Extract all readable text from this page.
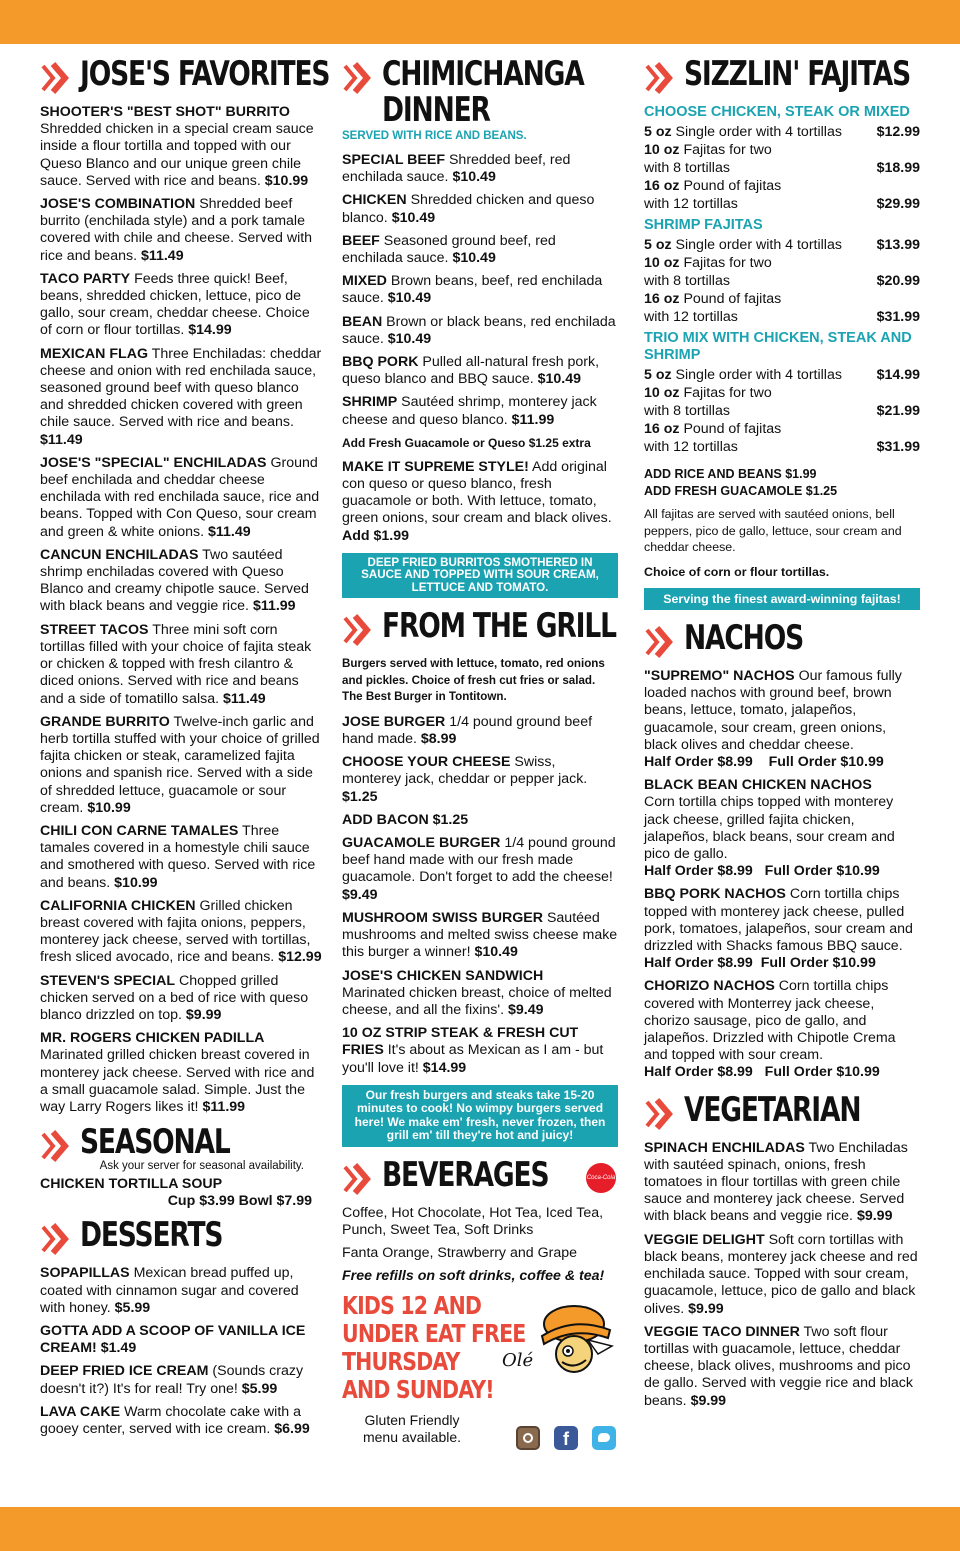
JOSE'S FAVORITES
SHOOTER'S "BEST SHOT" BURRITO
Shredded chicken in a special cream sauce inside a flour tortilla and topped with our Queso Blanco and our unique green chile sauce. Served with rice and beans. $10.99
JOSE'S COMBINATION Shredded beef burrito (enchilada style) and a pork tamale covered with chile and cheese. Served with rice and beans. $11.49
TACO PARTY Feeds three quick! Beef, beans, shredded chicken, lettuce, pico de gallo, sour cream, cheddar cheese. Choice of corn or flour tortillas. $14.99
MEXICAN FLAG Three Enchiladas: cheddar cheese and onion with red enchilada sauce, seasoned ground beef with queso blanco and shredded chicken covered with green chile sauce. Served with rice and beans. $11.49
JOSE'S "SPECIAL" ENCHILADAS Ground beef enchilada and cheddar cheese enchilada with red enchilada sauce, rice and beans. Topped with Con Queso, sour cream and green & white onions. $11.49
CANCUN ENCHILADAS Two sautéed shrimp enchiladas covered with Queso Blanco and creamy chipotle sauce. Served with black beans and veggie rice. $11.99
STREET TACOS Three mini soft corn tortillas filled with your choice of fajita steak or chicken & topped with fresh cilantro & diced onions. Served with rice and beans and a side of tomatillo salsa. $11.49
GRANDE BURRITO Twelve-inch garlic and herb tortilla stuffed with your choice of grilled fajita chicken or steak, caramelized fajita onions and spanish rice. Served with a side of shredded lettuce, guacamole or sour cream. $10.99
CHILI CON CARNE TAMALES Three tamales covered in a homestyle chili sauce and smothered with queso. Served with rice and beans. $10.99
CALIFORNIA CHICKEN Grilled chicken breast covered with fajita onions, peppers, monterey jack cheese, served with tortillas, fresh sliced avocado, rice and beans. $12.99
STEVEN'S SPECIAL Chopped grilled chicken served on a bed of rice with queso blanco drizzled on top. $9.99
MR. ROGERS CHICKEN PADILLA
Marinated grilled chicken breast covered in monterey jack cheese. Served with rice and a small guacamole salad. Simple. Just the way Larry Rogers likes it! $11.99
SEASONAL
Ask your server for seasonal availability.
CHICKEN TORTILLA SOUP
Cup $3.99 Bowl $7.99
DESSERTS
SOPAPILLAS Mexican bread puffed up, coated with cinnamon sugar and covered with honey. $5.99
GOTTA ADD A SCOOP OF VANILLA ICE CREAM! $1.49
DEEP FRIED ICE CREAM (Sounds crazy doesn't it?) It's for real! Try one! $5.99
LAVA CAKE Warm chocolate cake with a gooey center, served with ice cream. $6.99
CHIMICHANGA DINNER
SERVED WITH RICE AND BEANS.
SPECIAL BEEF Shredded beef, red enchilada sauce. $10.49
CHICKEN Shredded chicken and queso blanco. $10.49
BEEF Seasoned ground beef, red enchilada sauce. $10.49
MIXED Brown beans, beef, red enchilada sauce. $10.49
BEAN Brown or black beans, red enchilada sauce. $10.49
BBQ PORK Pulled all-natural fresh pork, queso blanco and BBQ sauce. $10.49
SHRIMP Sautéed shrimp, monterey jack cheese and queso blanco. $11.99
Add Fresh Guacamole or Queso $1.25 extra
MAKE IT SUPREME STYLE! Add original con queso or queso blanco, fresh guacamole or both. With lettuce, tomato, green onions, sour cream and black olives. Add $1.99
DEEP FRIED BURRITOS SMOTHERED IN SAUCE AND TOPPED WITH SOUR CREAM, LETTUCE AND TOMATO.
FROM THE GRILL
Burgers served with lettuce, tomato, red onions and pickles. Choice of fresh cut fries or salad. The Best Burger in Tontitown.
JOSE BURGER 1/4 pound ground beef hand made. $8.99
CHOOSE YOUR CHEESE Swiss, monterey jack, cheddar or pepper jack. $1.25
ADD BACON $1.25
GUACAMOLE BURGER 1/4 pound ground beef hand made with our fresh made guacamole. Don't forget to add the cheese! $9.49
MUSHROOM SWISS BURGER Sautéed mushrooms and melted swiss cheese make this burger a winner! $10.49
JOSE'S CHICKEN SANDWICH
Marinated chicken breast, choice of melted cheese, and all the fixins'. $9.49
10 OZ STRIP STEAK & FRESH CUT FRIES It's about as Mexican as I am - but you'll love it! $14.99
Our fresh burgers and steaks take 15-20 minutes to cook! No wimpy burgers served here! We make em' fresh, never frozen, then grill em' till they're hot and juicy!
BEVERAGES	Coca-Cola
Coffee, Hot Chocolate, Hot Tea, Iced Tea, Punch, Sweet Tea, Soft Drinks
Fanta Orange, Strawberry and Grape
Free refills on soft drinks, coffee & tea!
KIDS 12 AND
UNDER EAT FREE
THURSDAY
AND SUNDAY!
Olé
Gluten Friendly menu available.	f
SIZZLIN' FAJITAS
CHOOSE CHICKEN, STEAK OR MIXED
5 oz Single order with 4 tortillas $12.99
10 oz Fajitas for two
with 8 tortillas	$18.99
16 oz Pound of fajitas
with 12 tortillas	$29.99
SHRIMP FAJITAS
5 oz Single order with 4 tortillas $13.99
10 oz Fajitas for two
with 8 tortillas	$20.99
16 oz Pound of fajitas
with 12 tortillas	$31.99
TRIO MIX WITH CHICKEN, STEAK AND SHRIMP
5 oz Single order with 4 tortillas $14.99
10 oz Fajitas for two
with 8 tortillas	$21.99
16 oz Pound of fajitas
with 12 tortillas	$31.99
ADD RICE AND BEANS $1.99
ADD FRESH GUACAMOLE $1.25
All fajitas are served with sautéed onions, bell peppers, pico de gallo, lettuce, sour cream and cheddar cheese.
Choice of corn or flour tortillas.
Serving the finest award-winning fajitas!
NACHOS
"SUPREMO" NACHOS Our famous fully loaded nachos with ground beef, brown beans, lettuce, tomato, jalapeños, guacamole, sour cream, green onions, black olives and cheddar cheese.
Half Order $8.99    Full Order $10.99
BLACK BEAN CHICKEN NACHOS
Corn tortilla chips topped with monterey jack cheese, grilled fajita chicken, jalapeños, black beans, sour cream and pico de gallo.
Half Order $8.99   Full Order $10.99
BBQ PORK NACHOS Corn tortilla chips topped with monterey jack cheese, pulled pork, tomatoes, jalapeños, sour cream and drizzled with Shacks famous BBQ sauce.
Half Order $8.99  Full Order $10.99
CHORIZO NACHOS Corn tortilla chips covered with Monterrey jack cheese, chorizo sausage, pico de gallo, and jalapeños. Drizzled with Chipotle Crema and topped with sour cream.
Half Order $8.99   Full Order $10.99
VEGETARIAN
SPINACH ENCHILADAS Two Enchiladas with sautéed spinach, onions, fresh tomatoes in flour tortillas with green chile sauce and monterey jack cheese. Served with black beans and veggie rice. $9.99
VEGGIE DELIGHT Soft corn tortillas with black beans, monterey jack cheese and red enchilada sauce. Topped with sour cream, guacamole, lettuce, pico de gallo and black olives. $9.99
VEGGIE TACO DINNER Two soft flour tortillas with guacamole, lettuce, cheddar cheese, black olives, mushrooms and pico de gallo. Served with veggie rice and black beans. $9.99
